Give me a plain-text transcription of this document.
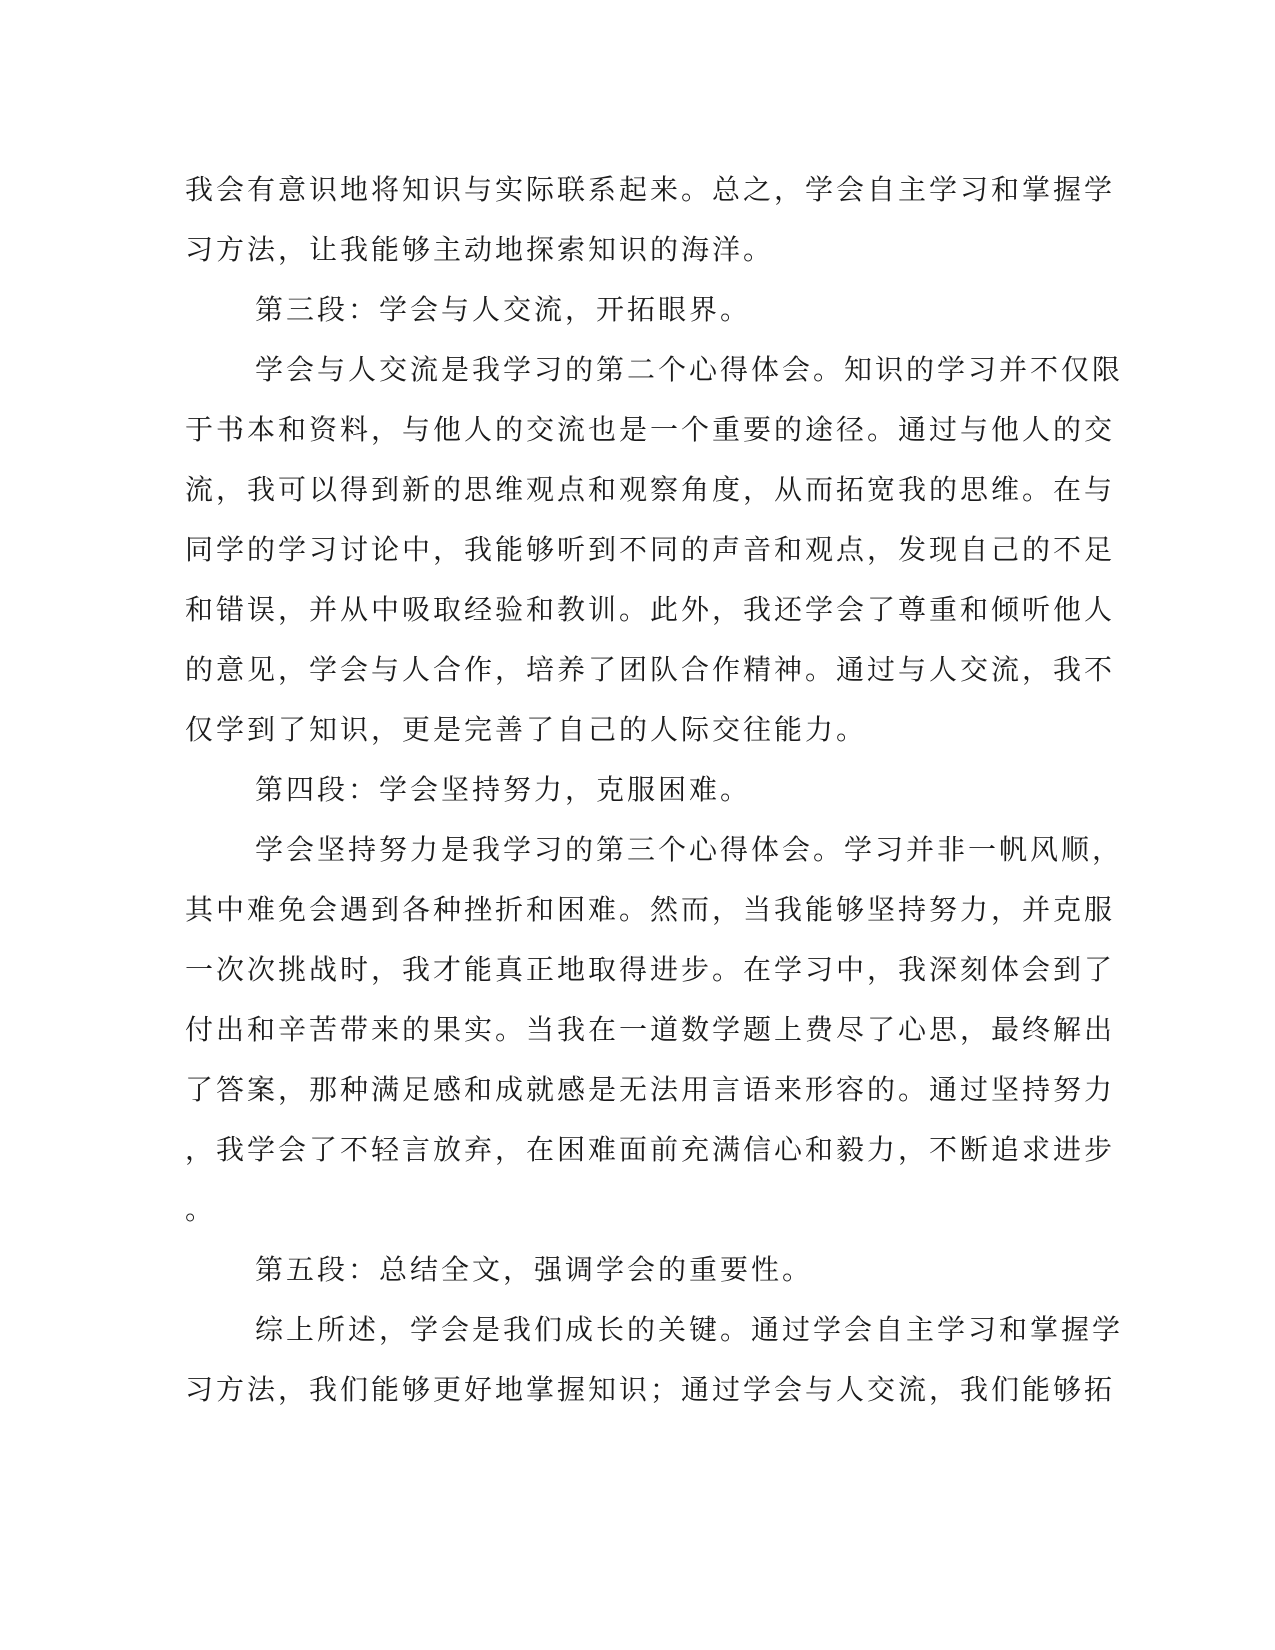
我会有意识地将知识与实际联系起来。总之，学会自主学习和掌握学
习方法，让我能够主动地探索知识的海洋。
第三段：学会与人交流，开拓眼界。
学会与人交流是我学习的第二个心得体会。知识的学习并不仅限
于书本和资料，与他人的交流也是一个重要的途径。通过与他人的交
流，我可以得到新的思维观点和观察角度，从而拓宽我的思维。在与
同学的学习讨论中，我能够听到不同的声音和观点，发现自己的不足
和错误，并从中吸取经验和教训。此外，我还学会了尊重和倾听他人
的意见，学会与人合作，培养了团队合作精神。通过与人交流，我不
仅学到了知识，更是完善了自己的人际交往能力。
第四段：学会坚持努力，克服困难。
学会坚持努力是我学习的第三个心得体会。学习并非一帆风顺，
其中难免会遇到各种挫折和困难。然而，当我能够坚持努力，并克服
一次次挑战时，我才能真正地取得进步。在学习中，我深刻体会到了
付出和辛苦带来的果实。当我在一道数学题上费尽了心思，最终解出
了答案，那种满足感和成就感是无法用言语来形容的。通过坚持努力
，我学会了不轻言放弃，在困难面前充满信心和毅力，不断追求进步
。
第五段：总结全文，强调学会的重要性。
综上所述，学会是我们成长的关键。通过学会自主学习和掌握学
习方法，我们能够更好地掌握知识；通过学会与人交流，我们能够拓
